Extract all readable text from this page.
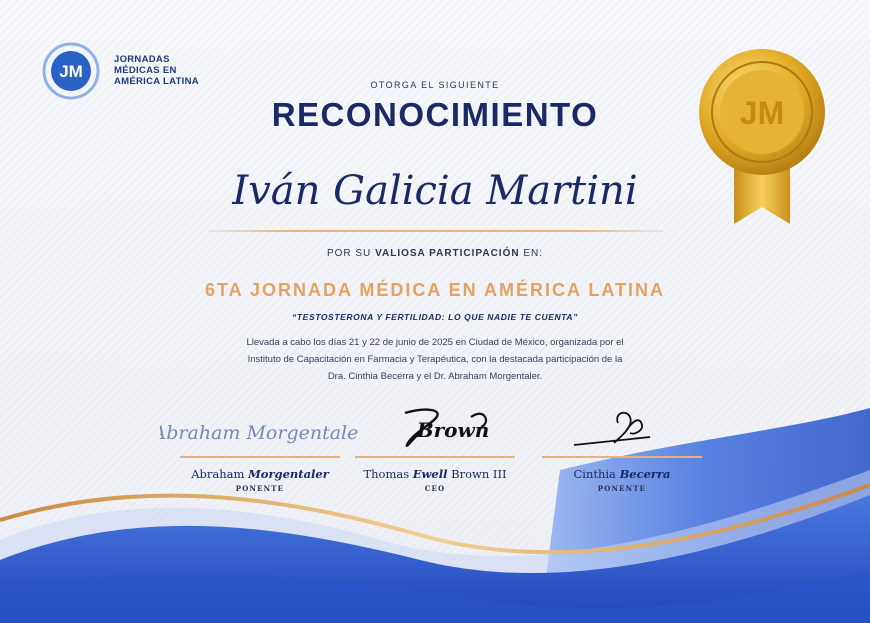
JM
JORNADAS
MÉDICAS EN
AMÉRICA LATINA
JM
OTORGA EL SIGUIENTE
RECONOCIMIENTO
Iván Galicia Martini
POR SU VALIOSA PARTICIPACIÓN EN:
6TA JORNADA MÉDICA EN AMÉRICA LATINA
“TESTOSTERONA Y FERTILIDAD: LO QUE NADIE TE CUENTA”
Llevada a cabo los días 21 y 22 de junio de 2025 en Ciudad de México, organizada por el
Instituto de Capacitación en Farmacia y Terapéutica, con la destacada participación de la
Dra. Cinthia Becerra y el Dr. Abraham Morgentaler.
Abraham Morgentaler
Abraham Morgentaler
PONENTE
Brown
Thomas Ewell Brown III
CEO
Cinthia Becerra
PONENTE
